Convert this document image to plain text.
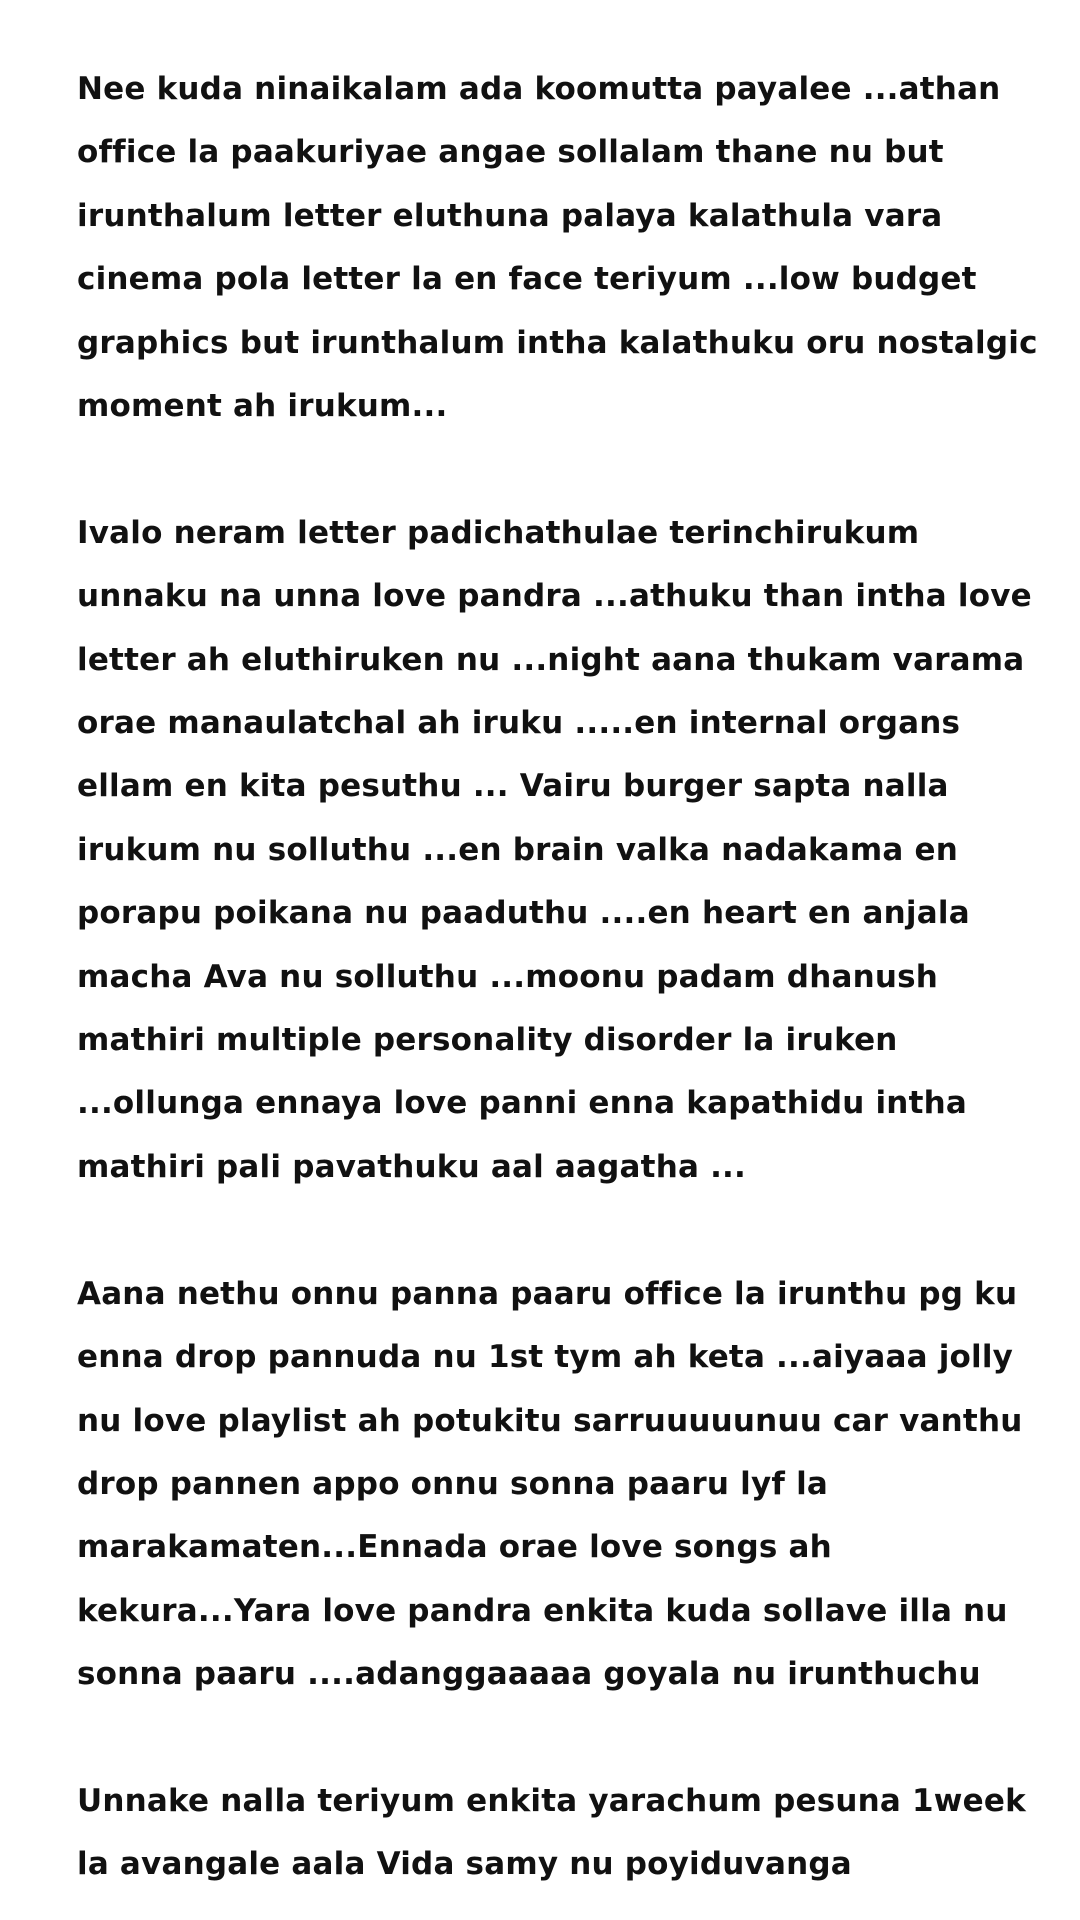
Nee kuda ninaikalam ada koomutta payalee ...athan office la paakuriyae angae sollalam thane nu but irunthalum letter eluthuna palaya kalathula vara cinema pola letter la en face teriyum ...low budget graphics but irunthalum intha kalathuku oru nostalgic moment ah irukum...

Ivalo neram letter padichathulae terinchirukum unnaku na unna love pandra ...athuku than intha love letter ah eluthiruken nu ...night aana thukam varama orae manaulatchal ah iruku .....en internal organs ellam en kita pesuthu ... Vairu burger sapta nalla irukum nu solluthu ...en brain valka nadakama en porapu poikana nu paaduthu ....en heart en anjala macha Ava nu solluthu ...moonu padam dhanush mathiri multiple personality disorder la iruken ...ollunga ennaya love panni enna kapathidu intha mathiri pali pavathuku aal aagatha ...

Aana nethu onnu panna paaru office la irunthu pg ku enna drop pannuda nu 1st tym ah keta ...aiyaaa jolly nu love playlist ah potukitu sarruuuuunuu car vanthu drop pannen appo onnu sonna paaru lyf la marakamaten...Ennada orae love songs ah kekura...Yara love pandra enkita kuda sollave illa nu sonna paaru ....adanggaaaaa goyala nu irunthuchu

Unnake nalla teriyum enkita yarachum pesuna 1week la avangale aala Vida samy nu poyiduvanga
